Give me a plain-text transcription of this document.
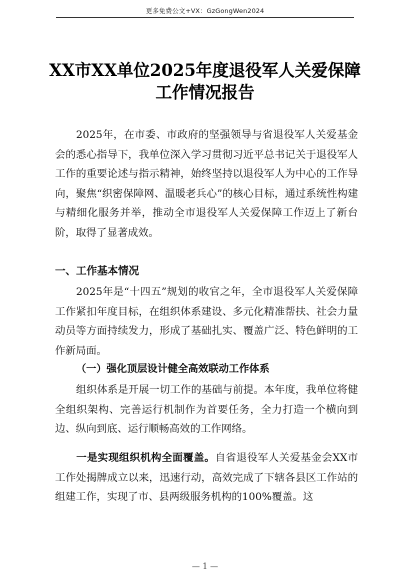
更多免费公文+VX：GzGongWen2024
XX市XX单位2025年度退役军人关爱保障工作情况报告
2025年，在市委、市政府的坚强领导与省退役军人关爱基金会的悉心指导下，我单位深入学习贯彻习近平总书记关于退役军人工作的重要论述与指示精神，始终坚持以退役军人为中心的工作导向，聚焦“织密保障网、温暖老兵心”的核心目标，通过系统性构建与精细化服务并举，推动全市退役军人关爱保障工作迈上了新台阶，取得了显著成效。
一、工作基本情况
2025年是“十四五”规划的收官之年，全市退役军人关爱保障工作紧扣年度目标，在组织体系建设、多元化精准帮扶、社会力量动员等方面持续发力，形成了基础扎实、覆盖广泛、特色鲜明的工作新局面。
（一）强化顶层设计健全高效联动工作体系
组织体系是开展一切工作的基础与前提。本年度，我单位将健全组织架构、完善运行机制作为首要任务，全力打造一个横向到边、纵向到底、运行顺畅高效的工作网络。
一是实现组织机构全面覆盖。自省退役军人关爱基金会XX市工作处揭牌成立以来，迅速行动，高效完成了下辖各县区工作站的组建工作，实现了市、县两级服务机构的100%覆盖。这
— 1 —
